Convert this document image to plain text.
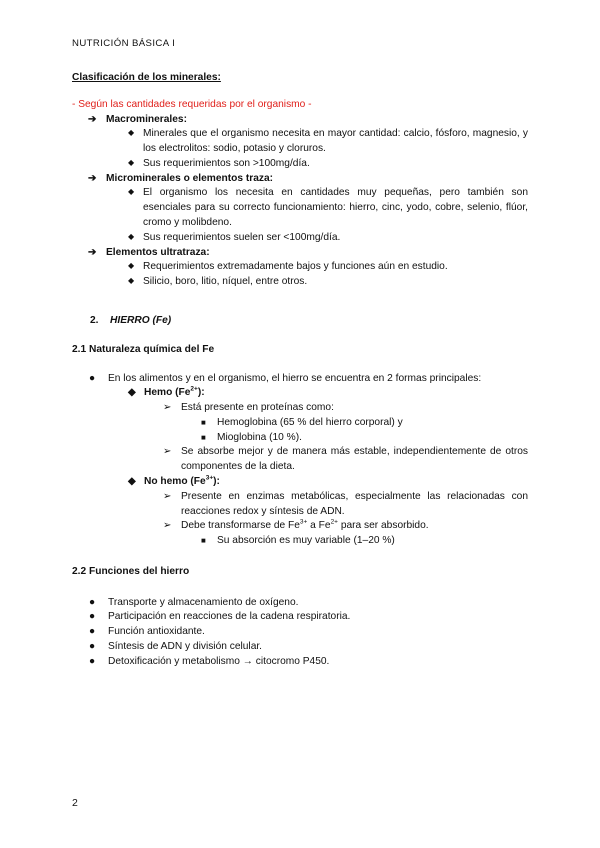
NUTRICIÓN BÁSICA I
Clasificación de los minerales:
- Según las cantidades requeridas por el organismo -
➔ Macrominerales:
◆ Minerales que el organismo necesita en mayor cantidad: calcio, fósforo, magnesio, y los electrolitos: sodio, potasio y cloruros.
◆ Sus requerimientos son >100mg/día.
➔ Microminerales o elementos traza:
◆ El organismo los necesita en cantidades muy pequeñas, pero también son esenciales para su correcto funcionamiento: hierro, cinc, yodo, cobre, selenio, flúor, cromo y molibdeno.
◆ Sus requerimientos suelen ser <100mg/día.
➔ Elementos ultratraza:
◆ Requerimientos extremadamente bajos y funciones aún en estudio.
◆ Silicio, boro, litio, níquel, entre otros.
2. HIERRO (Fe)
2.1 Naturaleza química del Fe
● En los alimentos y en el organismo, el hierro se encuentra en 2 formas principales:
◆ Hemo $(Fe^{2+})$:
➢ Está presente en proteínas como:
■ Hemoglobina (65 % del hierro corporal) y
■ Mioglobina (10 %).
➢ Se absorbe mejor y de manera más estable, independientemente de otros componentes de la dieta.
◆ No hemo $(Fe^{3+})$:
➢ Presente en enzimas metabólicas, especialmente las relacionadas con reacciones redox y síntesis de ADN.
➢ Debe transformarse de $Fe^{3+}$ a $Fe^{2+}$ para ser absorbido.
■ Su absorción es muy variable (1–20 %)
2.2 Funciones del hierro
● Transporte y almacenamiento de oxígeno.
● Participación en reacciones de la cadena respiratoria.
● Función antioxidante.
● Síntesis de ADN y división celular.
● Detoxificación y metabolismo → citocromo P450.
2
